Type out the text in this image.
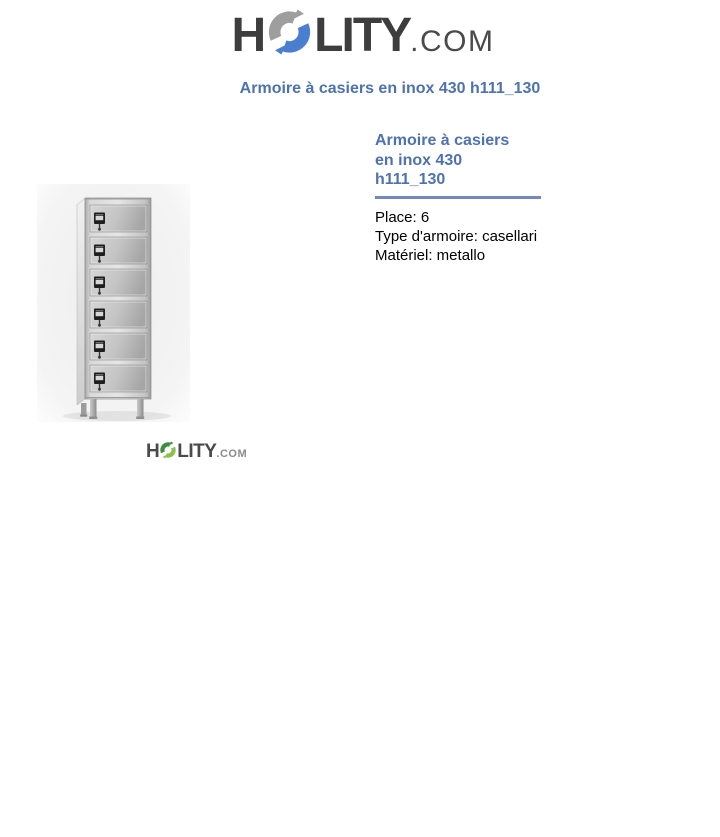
H LITY.COM
Armoire à casiers en inox 430 h111_130
Armoire à casiers en inox 430 h111_130
Place: 6
Type d'armoire: casellari
Matériel: metallo
H LITY.COM
